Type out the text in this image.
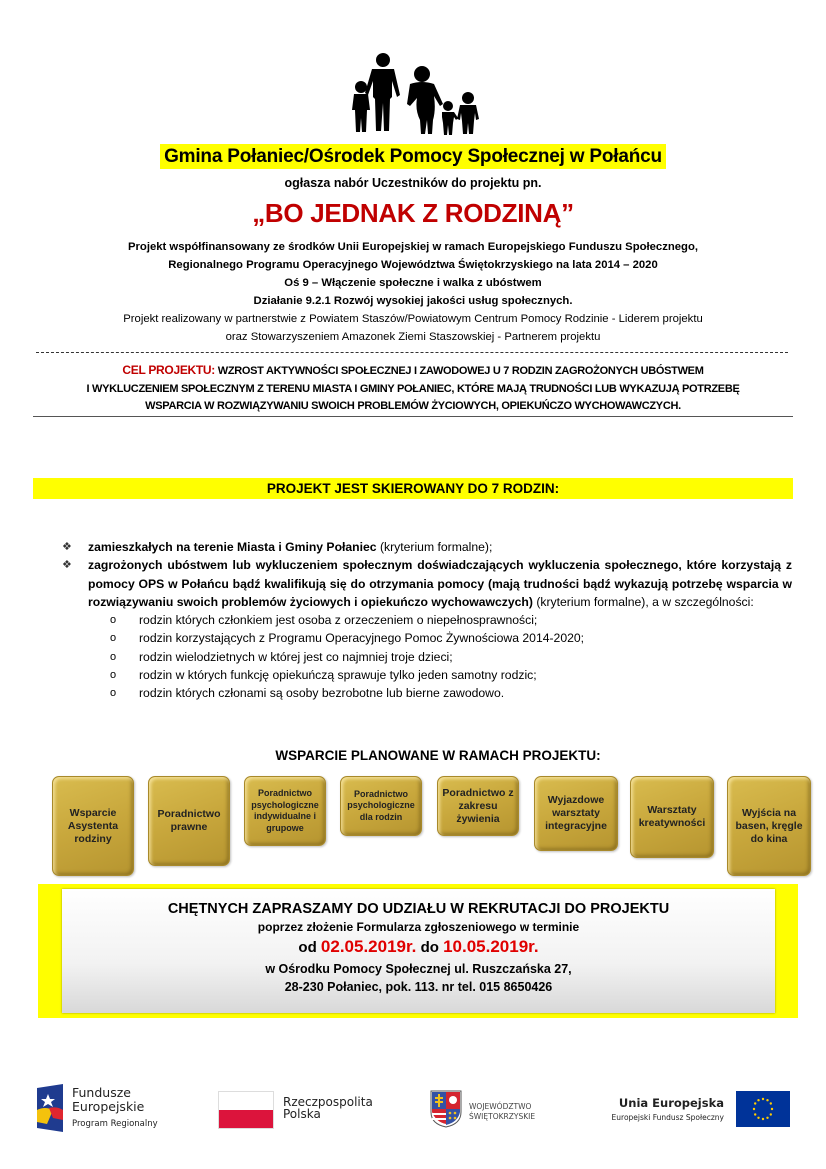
Gmina Połaniec/Ośrodek Pomocy Społecznej w Połańcu
ogłasza nabór Uczestników do projektu pn.
„BO JEDNAK Z RODZINĄ”
Projekt współfinansowany ze środków Unii Europejskiej w ramach Europejskiego Funduszu Społecznego,
Regionalnego Programu Operacyjnego Województwa Świętokrzyskiego na lata 2014 – 2020
Oś 9 – Włączenie społeczne i walka z ubóstwem
Działanie 9.2.1 Rozwój wysokiej jakości usług społecznych.
Projekt realizowany w partnerstwie z Powiatem Staszów/Powiatowym Centrum Pomocy Rodzinie - Liderem projektu
oraz Stowarzyszeniem Amazonek Ziemi Staszowskiej - Partnerem projektu
CEL PROJEKTU: WZROST AKTYWNOŚCI SPOŁECZNEJ I ZAWODOWEJ U 7 RODZIN ZAGROŻONYCH UBÓSTWEM
I WYKLUCZENIEM SPOŁECZNYM Z TERENU MIASTA I GMINY POŁANIEC, KTÓRE MAJĄ TRUDNOŚCI LUB WYKAZUJĄ POTRZEBĘ
WSPARCIA W ROZWIĄZYWANIU SWOICH PROBLEMÓW ŻYCIOWYCH, OPIEKUŃCZO WYCHOWAWCZYCH.
PROJEKT JEST SKIEROWANY DO 7 RODZIN:
❖ zamieszkałych na terenie Miasta i Gminy Połaniec (kryterium formalne);
❖ zagrożonych ubóstwem lub wykluczeniem społecznym doświadczających wykluczenia społecznego, które korzystają z pomocy OPS w Połańcu bądź kwalifikują się do otrzymania pomocy (mają trudności bądź wykazują potrzebę wsparcia w rozwiązywaniu swoich problemów życiowych i opiekuńczo wychowawczych) (kryterium formalne), a w szczególności:
o rodzin których członkiem jest osoba z orzeczeniem o niepełnosprawności;
o rodzin korzystających z Programu Operacyjnego Pomoc Żywnościowa 2014-2020;
o rodzin wielodzietnych w której jest co najmniej troje dzieci;
o rodzin w których funkcję opiekuńczą sprawuje tylko jeden samotny rodzic;
o rodzin których członami są osoby bezrobotne lub bierne zawodowo.
WSPARCIE PLANOWANE W RAMACH PROJEKTU:
Wsparcie Asystenta rodziny
Poradnictwo prawne
Poradnictwo psychologiczne indywidualne i grupowe
Poradnictwo psychologiczne dla rodzin
Poradnictwo z zakresu żywienia
Wyjazdowe warsztaty integracyjne
Warsztaty kreatywności
Wyjścia na basen, kręgle do kina
CHĘTNYCH ZAPRASZAMY DO UDZIAŁU W REKRUTACJI DO PROJEKTU
poprzez złożenie Formularza zgłoszeniowego w terminie
od 02.05.2019r. do 10.05.2019r.
w Ośrodku Pomocy Społecznej ul. Ruszczańska 27,
28-230 Połaniec, pok. 113. nr tel. 015 8650426
Fundusze
Europejskie
Program Regionalny
Rzeczpospolita
Polska
WOJEWÓDZTWO
ŚWIĘTOKRZYSKIE
Unia Europejska
Europejski Fundusz Społeczny
